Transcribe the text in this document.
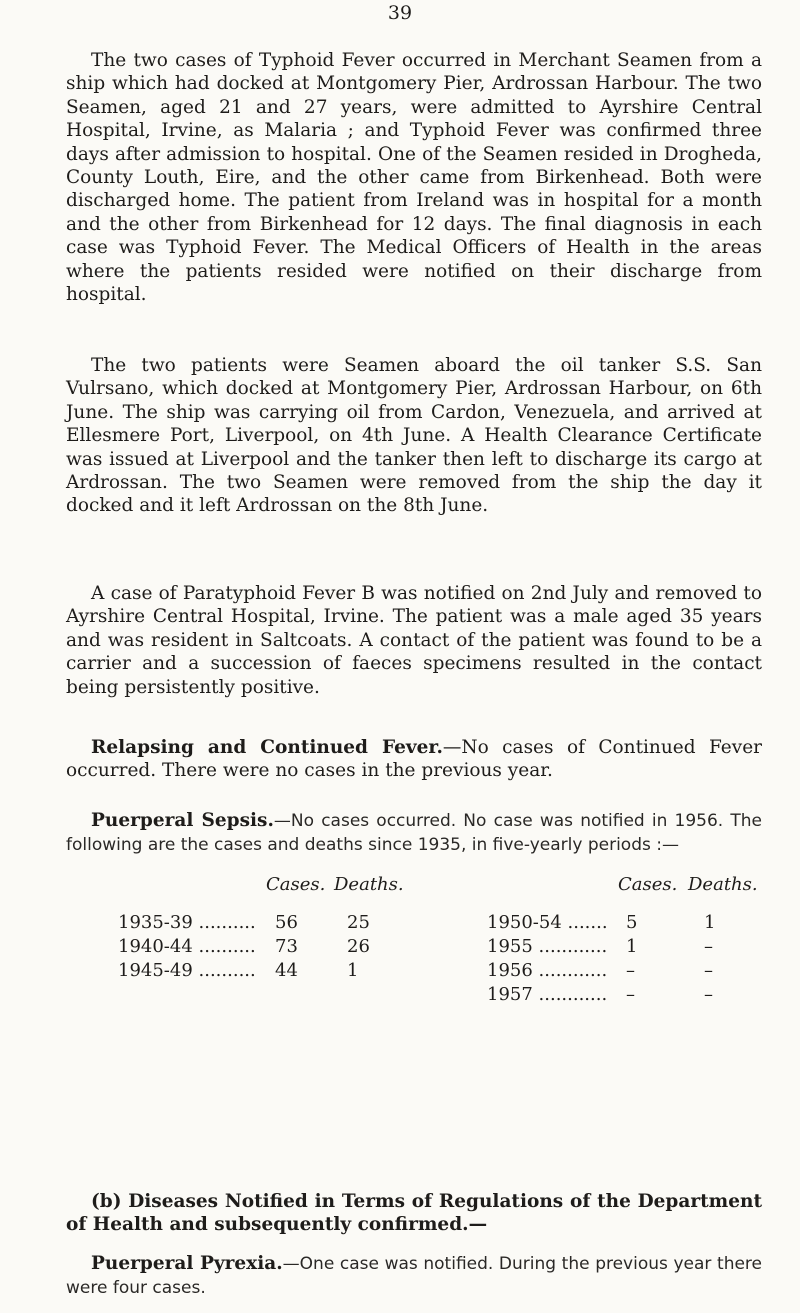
39

The two cases of Typhoid Fever occurred in Merchant Seamen from a ship which had docked at Montgomery Pier, Ardrossan Harbour. The two Seamen, aged 21 and 27 years, were admitted to Ayrshire Central Hospital, Irvine, as Malaria ; and Typhoid Fever was confirmed three days after admission to hospital. One of the Seamen resided in Drogheda, County Louth, Eire, and the other came from Birkenhead. Both were discharged home. The patient from Ireland was in hospital for a month and the other from Birkenhead for 12 days. The final diagnosis in each case was Typhoid Fever. The Medical Officers of Health in the areas where the patients resided were notified on their discharge from hospital.

The two patients were Seamen aboard the oil tanker S.S. San Vulrsano, which docked at Montgomery Pier, Ardrossan Harbour, on 6th June. The ship was carrying oil from Cardon, Venezuela, and arrived at Ellesmere Port, Liverpool, on 4th June. A Health Clearance Certificate was issued at Liverpool and the tanker then left to discharge its cargo at Ardrossan. The two Seamen were removed from the ship the day it docked and it left Ardrossan on the 8th June.

A case of Paratyphoid Fever B was notified on 2nd July and removed to Ayrshire Central Hospital, Irvine. The patient was a male aged 35 years and was resident in Saltcoats. A contact of the patient was found to be a carrier and a succession of faeces specimens resulted in the contact being persistently positive.

Relapsing and Continued Fever.—No cases of Continued Fever occurred. There were no cases in the previous year.

Puerperal Sepsis.—No cases occurred. No case was notified in 1956. The following are the cases and deaths since 1935, in five-yearly periods :—

Cases. Deaths.	Cases. Deaths.
1935-39 .......... 56	25
1940-44 .......... 73	26
1945-49 .......... 44	1
1950-54 ....... 5	1
1955 ............ 1	–
1956 ............ –	–
1957 ............ –	–

(b) Diseases Notified in Terms of Regulations of the Department of Health and subsequently confirmed.—

Puerperal Pyrexia.—One case was notified. During the previous year there were four cases.
